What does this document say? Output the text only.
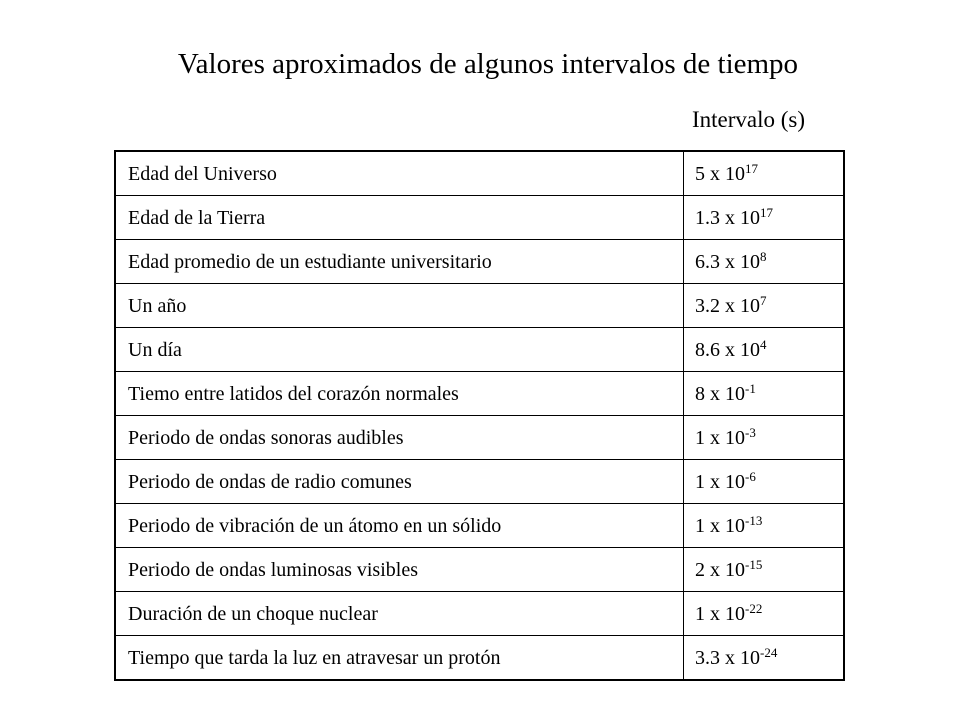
Valores aproximados de algunos intervalos de tiempo
Intervalo (s)
Edad del Universo	5 x $10^{17}$
Edad de la Tierra	1.3 x $10^{17}$
Edad promedio de un estudiante universitario	6.3 x $10^8$
Un año	3.2 x $10^7$
Un día	8.6 x $10^4$
Tiemo entre latidos del corazón normales	8 x $10^{-1}$
Periodo de ondas sonoras audibles	1 x $10^{-3}$
Periodo de ondas de radio comunes	1 x $10^{-6}$
Periodo de vibración de un átomo en un sólido	1 x $10^{-13}$
Periodo de ondas luminosas visibles	2 x $10^{-15}$
Duración de un choque nuclear	1 x $10^{-22}$
Tiempo que tarda la luz en atravesar un protón	3.3 x $10^{-24}$
